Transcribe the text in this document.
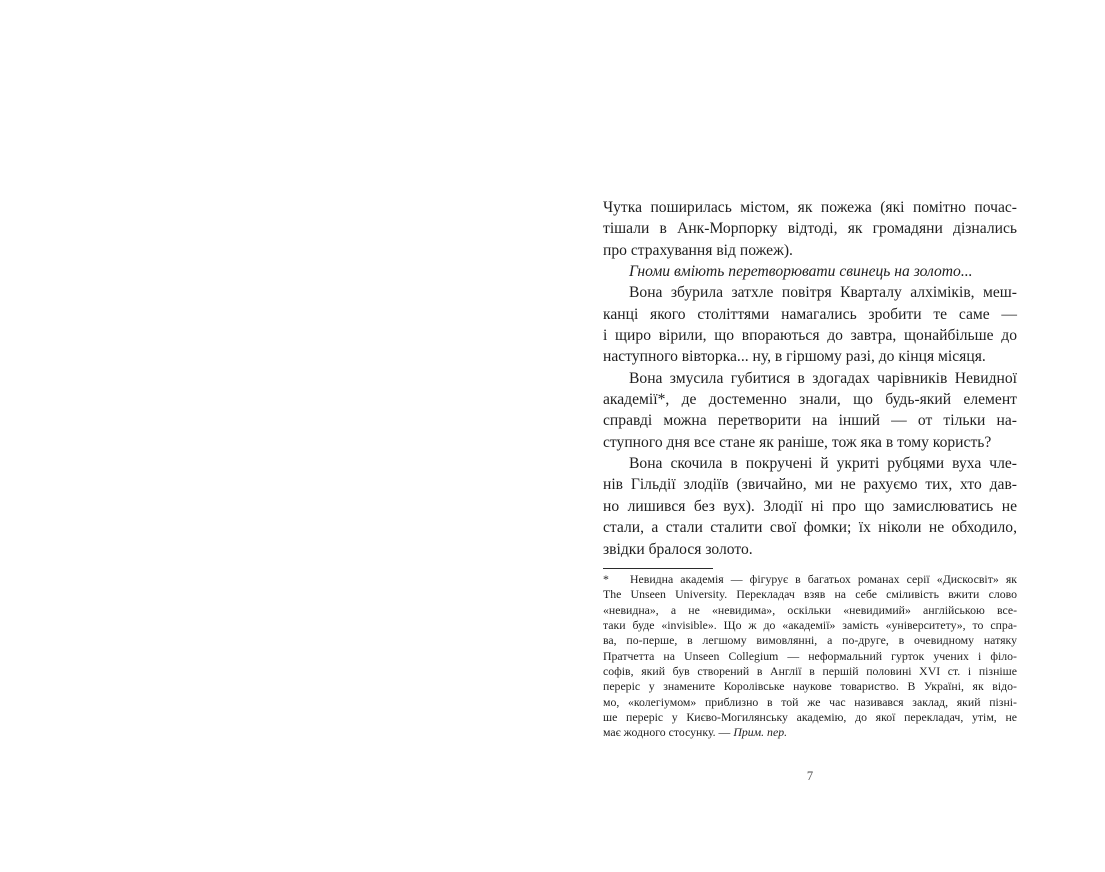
Чутка поширилась містом, як пожежа (які помітно почас-
тішали в Анк-Морпорку відтоді, як громадяни дізнались
про страхування від пожеж).
Гноми вміють перетворювати свинець на золото...
Вона збурила затхле повітря Кварталу алхіміків, меш-
канці якого століттями намагались зробити те саме —
і щиро вірили, що впораються до завтра, щонайбільше до
наступного вівторка... ну, в гіршому разі, до кінця місяця.
Вона змусила губитися в здогадах чарівників Невидної
академії*, де достеменно знали, що будь-який елемент
справді можна перетворити на інший — от тільки на-
ступного дня все стане як раніше, тож яка в тому користь?
Вона скочила в покручені й укриті рубцями вуха чле-
нів Гільдії злодіїв (звичайно, ми не рахуємо тих, хто дав-
но лишився без вух). Злодії ні про що замислюватись не
стали, а стали сталити свої фомки; їх ніколи не обходило,
звідки бралося золото.
* Невидна академія — фігурує в багатьох романах серії «Дискосвіт» як
The Unseen University. Перекладач взяв на себе сміливість вжити слово
«невидна», а не «невидима», оскільки «невидимий» англійською все-
таки буде «invisible». Що ж до «академії» замість «університету», то спра-
ва, по-перше, в легшому вимовлянні, а по-друге, в очевидному натяку
Пратчетта на Unseen Collegium — неформальний гурток учених і філо-
софів, який був створений в Англії в першій половині XVI ст. і пізніше
переріс у знамените Королівське наукове товариство. В Україні, як відо-
мо, «колегіумом» приблизно в той же час називався заклад, який пізні-
ше переріс у Києво-Могилянську академію, до якої перекладач, утім, не
має жодного стосунку. — Прим. пер.
7
